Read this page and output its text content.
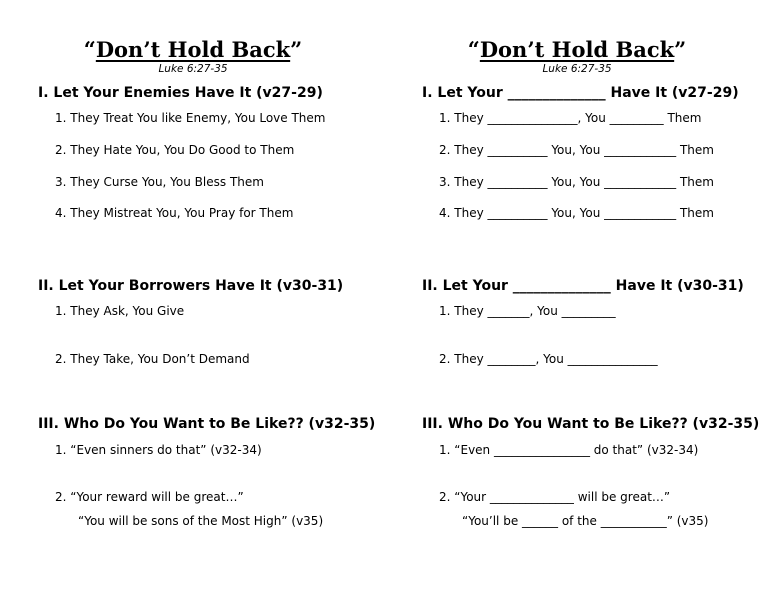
“Don’t Hold Back”
Luke 6:27-35
I. Let Your Enemies Have It (v27-29)
1. They Treat You like Enemy, You Love Them
2. They Hate You, You Do Good to Them
3. They Curse You, You Bless Them
4. They Mistreat You, You Pray for Them
II. Let Your Borrowers Have It (v30-31)
1. They Ask, You Give
2. They Take, You Don’t Demand
III. Who Do You Want to Be Like?? (v32-35)
1. “Even sinners do that” (v32-34)
2. “Your reward will be great…”
“You will be sons of the Most High” (v35)
“Don’t Hold Back”
Luke 6:27-35
I. Let Your ______________ Have It (v27-29)
1. They _______________, You _________ Them
2. They __________ You, You ____________ Them
3. They __________ You, You ____________ Them
4. They __________ You, You ____________ Them
II. Let Your ______________ Have It (v30-31)
1. They _______, You _________
2. They ________, You _______________
III. Who Do You Want to Be Like?? (v32-35)
1. “Even ________________ do that” (v32-34)
2. “Your ______________ will be great…”
“You’ll be ______ of the ___________” (v35)
